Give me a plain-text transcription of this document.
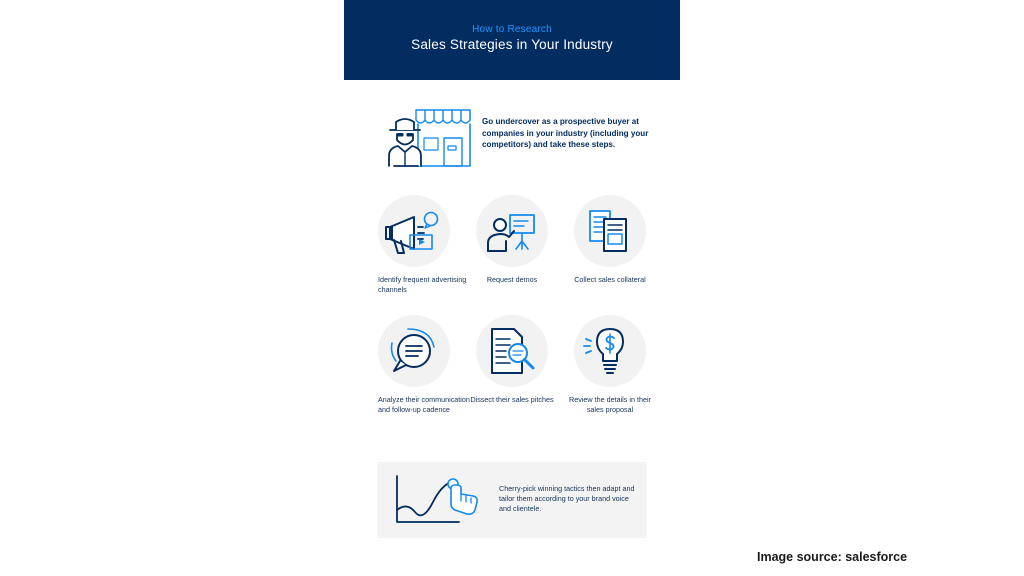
How to Research
Sales Strategies in Your Industry
Go undercover as a prospective buyer at companies in your industry (including your competitors) and take these steps.
Identify frequent advertising channels
Request demos	Collect sales collateral
Analyze their communication and follow-up cadence
Dissect their sales pitches	Review the details in their sales proposal
Cherry-pick winning tactics then adapt and tailor them according to your brand voice and clientele.
Image source: salesforce
